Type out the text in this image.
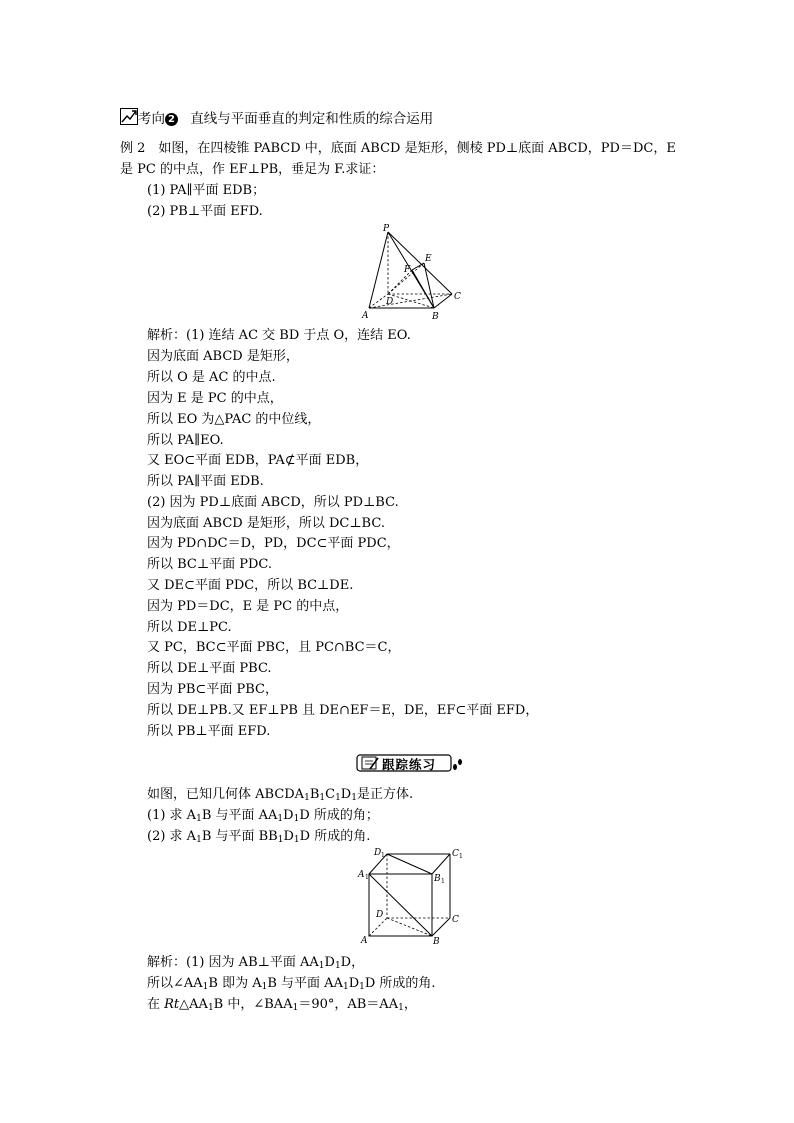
考向 2 直线与平面垂直的判定和性质的综合运用
例 2　如图，在四棱锥 PABCD 中，底面 ABCD 是矩形，侧棱 PD⊥底面 ABCD，PD＝DC，E
是 PC 的中点，作 EF⊥PB，垂足为 F.求证：
(1) PA∥平面 EDB；
(2) PB⊥平面 EFD.
P
E
F
D	C
A	B
解析：(1) 连结 AC 交 BD 于点 O，连结 EO.
因为底面 ABCD 是矩形，
所以 O 是 AC 的中点.
因为 E 是 PC 的中点，
所以 EO 为△PAC 的中位线，
所以 PA∥EO.
又 EO⊂平面 EDB，PA⊄平面 EDB，
所以 PA∥平面 EDB.
(2) 因为 PD⊥底面 ABCD，所以 PD⊥BC.
因为底面 ABCD 是矩形，所以 DC⊥BC.
因为 PD∩DC＝D，PD，DC⊂平面 PDC，
所以 BC⊥平面 PDC.
又 DE⊂平面 PDC，所以 BC⊥DE.
因为 PD＝DC，E 是 PC 的中点，
所以 DE⊥PC.
又 PC，BC⊂平面 PBC，且 PC∩BC＝C，
所以 DE⊥平面 PBC.
因为 PB⊂平面 PBC，
所以 DE⊥PB.又 EF⊥PB 且 DE∩EF＝E，DE，EF⊂平面 EFD，
所以 PB⊥平面 EFD.
跟踪练习
如图，已知几何体 $ABCDA_1B_1C_1D_1$是正方体.
(1) 求 $A_1B$ 与平面 $AA_1D_1D$ 所成的角；
(2) 求 $A_1B$ 与平面 $BB_1D_1D$ 所成的角.
D 1	C 1
A 1	B 1
D	C
A	B
解析：(1) 因为 AB⊥平面 $AA_1D_1D$，
所以$\angle AA_1B$ 即为 $A_1B$ 与平面 $AA_1D_1D$ 所成的角.
在 $Rt\triangle AA_1B$ 中，$\angle BAA_1=90^\circ$，$AB=AA_1$，
